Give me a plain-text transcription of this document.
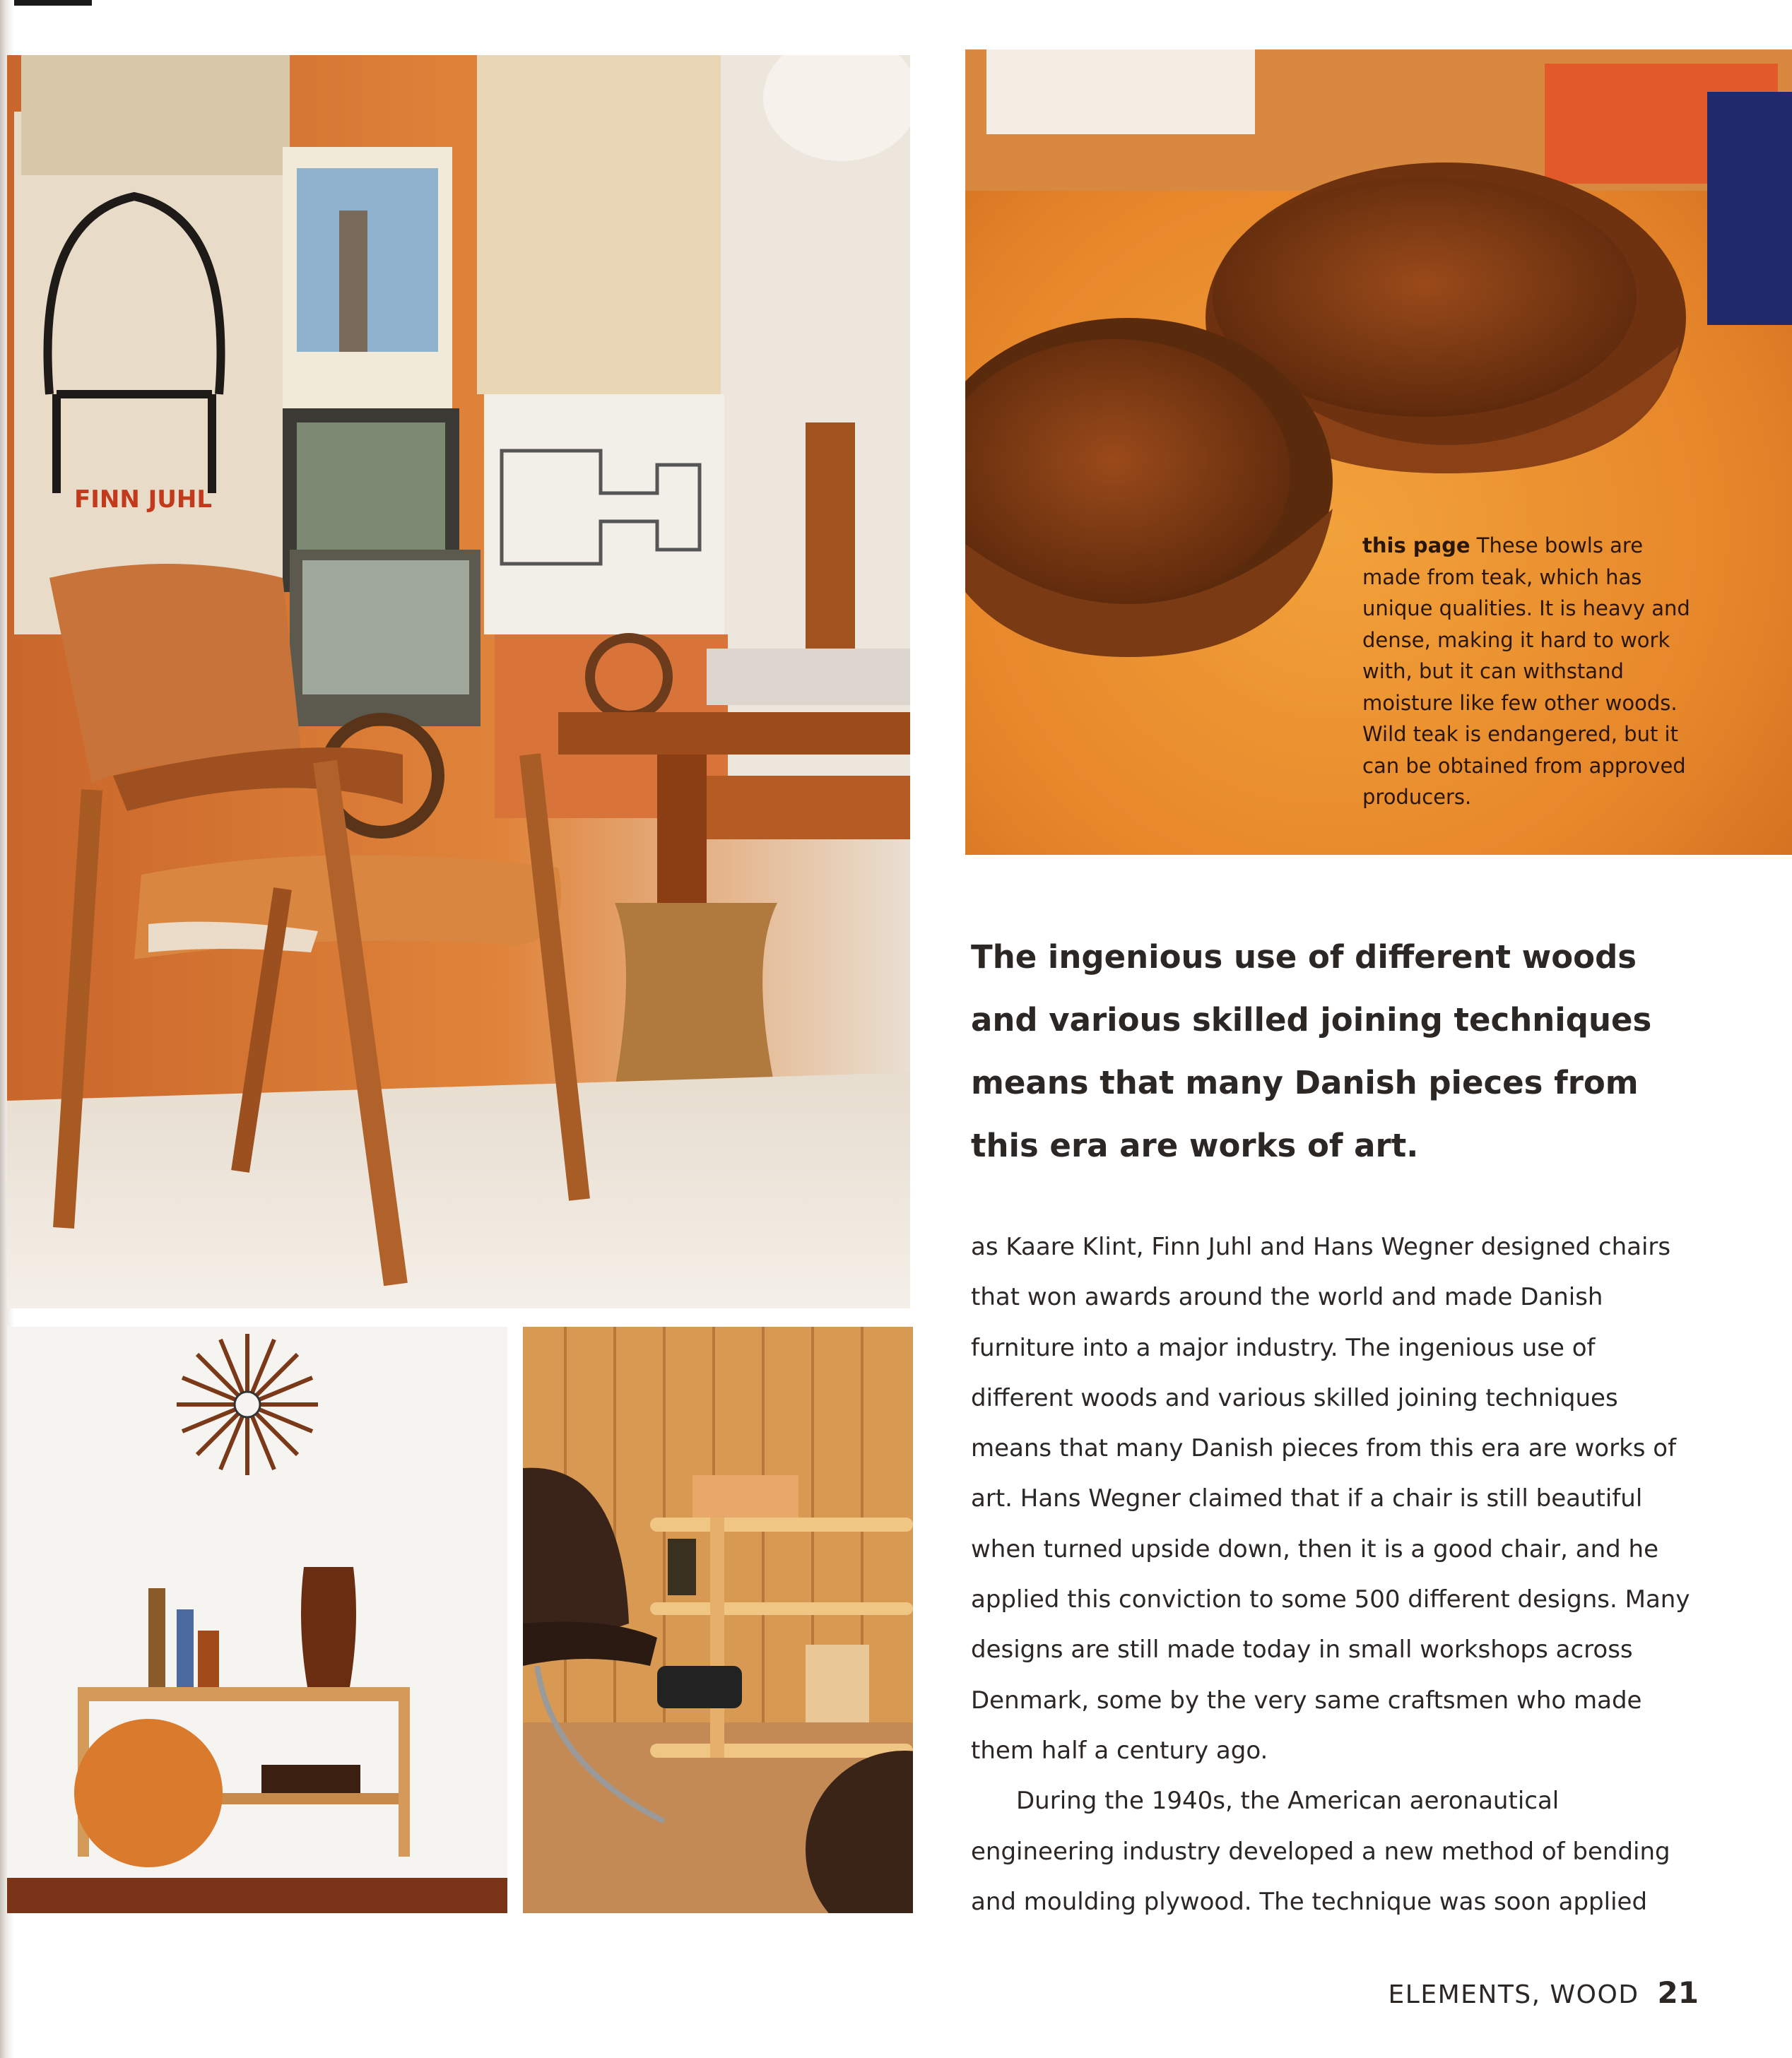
FINN JUHL

this page These bowls are made from teak, which has unique qualities. It is heavy and dense, making it hard to work with, but it can withstand moisture like few other woods. Wild teak is endangered, but it can be obtained from approved producers.

The ingenious use of different woods and various skilled joining techniques means that many Danish pieces from this era are works of art.

as Kaare Klint, Finn Juhl and Hans Wegner designed chairs that won awards around the world and made Danish furniture into a major industry. The ingenious use of different woods and various skilled joining techniques means that many Danish pieces from this era are works of art. Hans Wegner claimed that if a chair is still beautiful when turned upside down, then it is a good chair, and he applied this conviction to some 500 different designs. Many designs are still made today in small workshops across Denmark, some by the very same craftsmen who made them half a century ago.

During the 1940s, the American aeronautical engineering industry developed a new method of bending and moulding plywood. The technique was soon applied

ELEMENTS, WOOD 21
